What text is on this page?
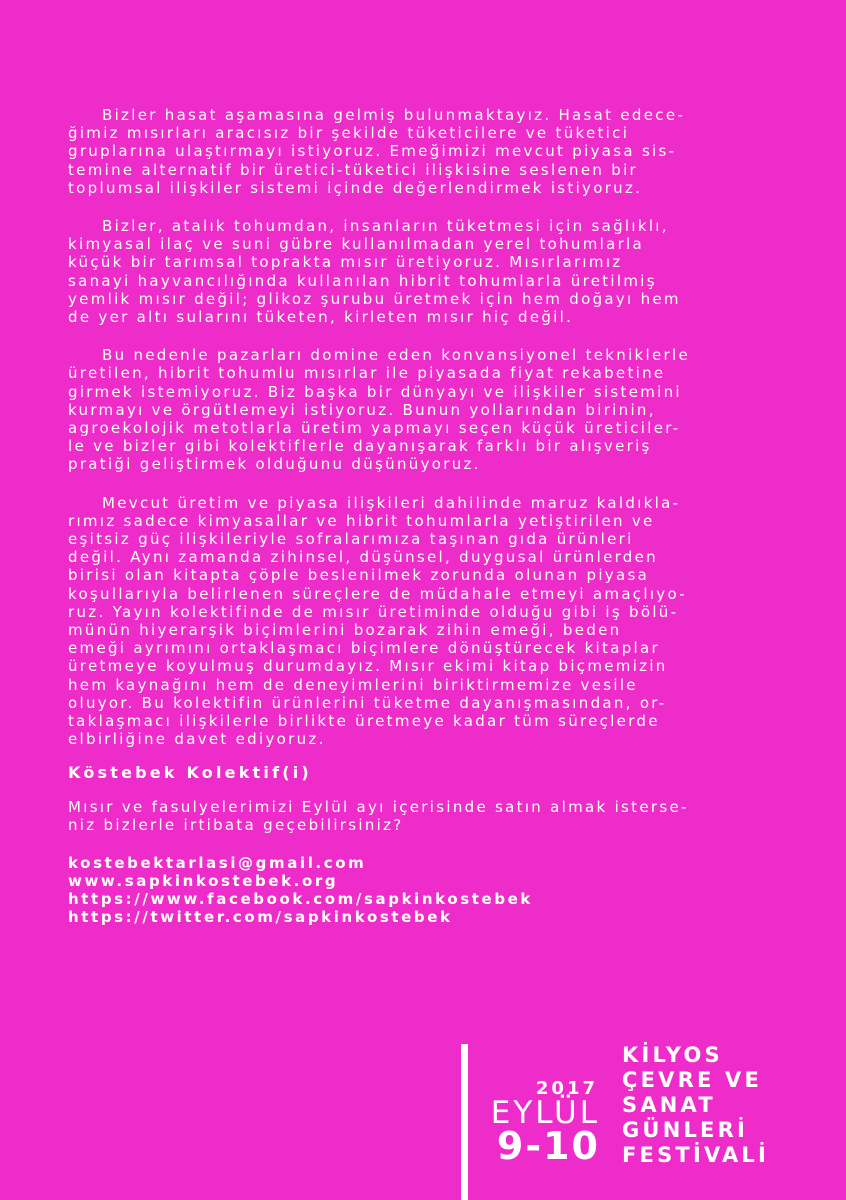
Bizler hasat aşamasına gelmiş bulunmaktayız. Hasat edece-
ğimiz mısırları aracısız bir şekilde tüketicilere ve tüketici
gruplarına ulaştırmayı istiyoruz. Emeğimizi mevcut piyasa sis-
temine alternatif bir üretici-tüketici ilişkisine seslenen bir
toplumsal ilişkiler sistemi içinde değerlendirmek istiyoruz.

Bizler, atalık tohumdan, insanların tüketmesi için sağlıklı,
kimyasal ilaç ve suni gübre kullanılmadan yerel tohumlarla
küçük bir tarımsal toprakta mısır üretiyoruz. Mısırlarımız
sanayi hayvancılığında kullanılan hibrit tohumlarla üretilmiş
yemlik mısır değil; glikoz şurubu üretmek için hem doğayı hem
de yer altı sularını tüketen, kirleten mısır hiç değil.

Bu nedenle pazarları domine eden konvansiyonel tekniklerle
üretilen, hibrit tohumlu mısırlar ile piyasada fiyat rekabetine
girmek istemiyoruz. Biz başka bir dünyayı ve ilişkiler sistemini
kurmayı ve örgütlemeyi istiyoruz. Bunun yollarından birinin,
agroekolojik metotlarla üretim yapmayı seçen küçük üreticiler-
le ve bizler gibi kolektiflerle dayanışarak farklı bir alışveriş
pratiği geliştirmek olduğunu düşünüyoruz.

Mevcut üretim ve piyasa ilişkileri dahilinde maruz kaldıkla-
rımız sadece kimyasallar ve hibrit tohumlarla yetiştirilen ve
eşitsiz güç ilişkileriyle sofralarımıza taşınan gıda ürünleri
değil. Aynı zamanda zihinsel, düşünsel, duygusal ürünlerden
birisi olan kitapta çöple beslenilmek zorunda olunan piyasa
koşullarıyla belirlenen süreçlere de müdahale etmeyi amaçlıyo-
ruz. Yayın kolektifinde de mısır üretiminde olduğu gibi iş bölü-
münün hiyerarşik biçimlerini bozarak zihin emeği, beden
emeği ayrımını ortaklaşmacı biçimlere dönüştürecek kitaplar
üretmeye koyulmuş durumdayız. Mısır ekimi kitap biçmemizin
hem kaynağını hem de deneyimlerini biriktirmemize vesile
oluyor. Bu kolektifin ürünlerini tüketme dayanışmasından, or-
taklaşmacı ilişkilerle birlikte üretmeye kadar tüm süreçlerde
elbirliğine davet ediyoruz.

Köstebek Kolektif(i)

Mısır ve fasulyelerimizi Eylül ayı içerisinde satın almak isterse-
niz bizlerle irtibata geçebilirsiniz?

kostebektarlasi@gmail.com
www.sapkinkostebek.org
https://www.facebook.com/sapkinkostebek
https://twitter.com/sapkinkostebek
2017
EYLÜL
9-10
KİLYOS
ÇEVRE VE
SANAT
GÜNLERİ
FESTİVALİ
